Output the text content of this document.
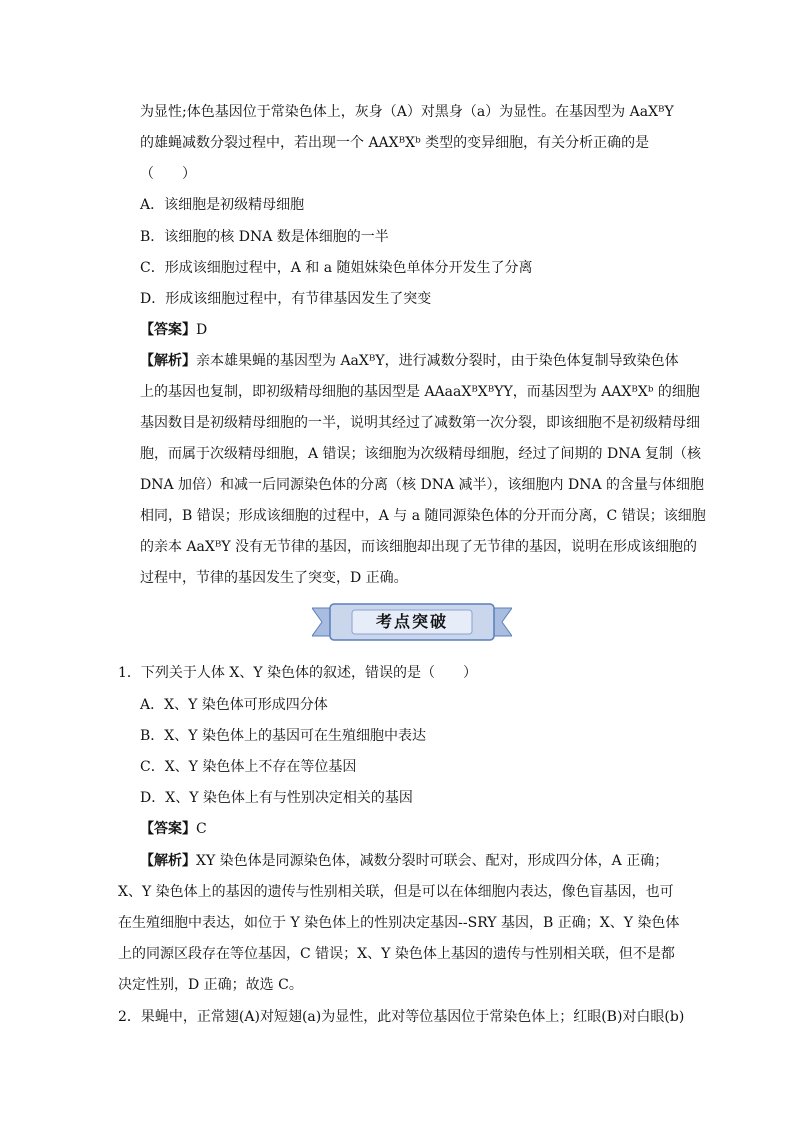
为显性;体色基因位于常染色体上，灰身（A）对黑身（a）为显性。在基因型为 AaXᴮY
的雄蝇减数分裂过程中，若出现一个 AAXᴮXᵇ 类型的变异细胞，有关分析正确的是
（　　）
A．该细胞是初级精母细胞
B．该细胞的核 DNA 数是体细胞的一半
C．形成该细胞过程中，A 和 a 随姐妹染色单体分开发生了分离
D．形成该细胞过程中，有节律基因发生了突变
【答案】D
【解析】亲本雄果蝇的基因型为 AaXᴮY，进行减数分裂时，由于染色体复制导致染色体
上的基因也复制，即初级精母细胞的基因型是 AAaaXᴮXᴮYY，而基因型为 AAXᴮXᵇ 的细胞
基因数目是初级精母细胞的一半，说明其经过了减数第一次分裂，即该细胞不是初级精母细
胞，而属于次级精母细胞，A 错误；该细胞为次级精母细胞，经过了间期的 DNA 复制（核
DNA 加倍）和减一后同源染色体的分离（核 DNA 减半），该细胞内 DNA 的含量与体细胞
相同，B 错误；形成该细胞的过程中，A 与 a 随同源染色体的分开而分离，C 错误；该细胞
的亲本 AaXᴮY 没有无节律的基因，而该细胞却出现了无节律的基因，说明在形成该细胞的
过程中，节律的基因发生了突变，D 正确。
考点突破
1．下列关于人体 X、Y 染色体的叙述，错误的是（　　）
A．X、Y 染色体可形成四分体
B．X、Y 染色体上的基因可在生殖细胞中表达
C．X、Y 染色体上不存在等位基因
D．X、Y 染色体上有与性别决定相关的基因
【答案】C
【解析】XY 染色体是同源染色体，减数分裂时可联会、配对，形成四分体，A 正确；
X、Y 染色体上的基因的遗传与性别相关联，但是可以在体细胞内表达，像色盲基因，也可
在生殖细胞中表达，如位于 Y 染色体上的性别决定基因--SRY 基因，B 正确；X、Y 染色体
上的同源区段存在等位基因，C 错误；X、Y 染色体上基因的遗传与性别相关联，但不是都
决定性别，D 正确；故选 C。
2．果蝇中，正常翅(A)对短翅(a)为显性，此对等位基因位于常染色体上；红眼(B)对白眼(b)
